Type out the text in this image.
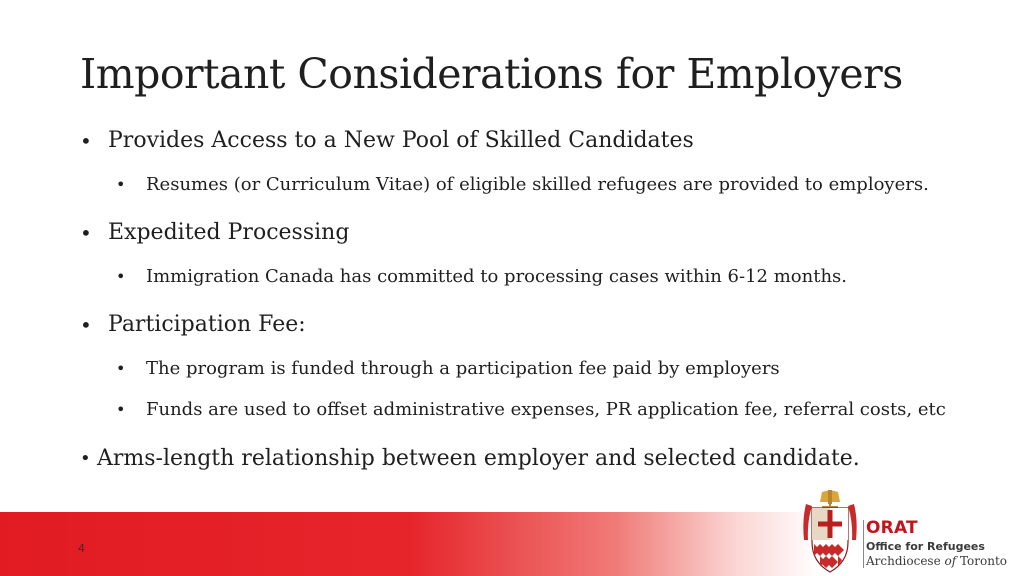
Important Considerations for Employers
• Provides Access to a New Pool of Skilled Candidates
•	Resumes (or Curriculum Vitae) of eligible skilled refugees are provided to employers.
• Expedited Processing
•	Immigration Canada has committed to processing cases within 6-12 months.
• Participation Fee:
•	The program is funded through a participation fee paid by employers
•	Funds are used to offset administrative expenses, PR application fee, referral costs, etc
• Arms-length relationship between employer and selected candidate.
4
ORAT
Office for Refugees
Archdiocese of Toronto
